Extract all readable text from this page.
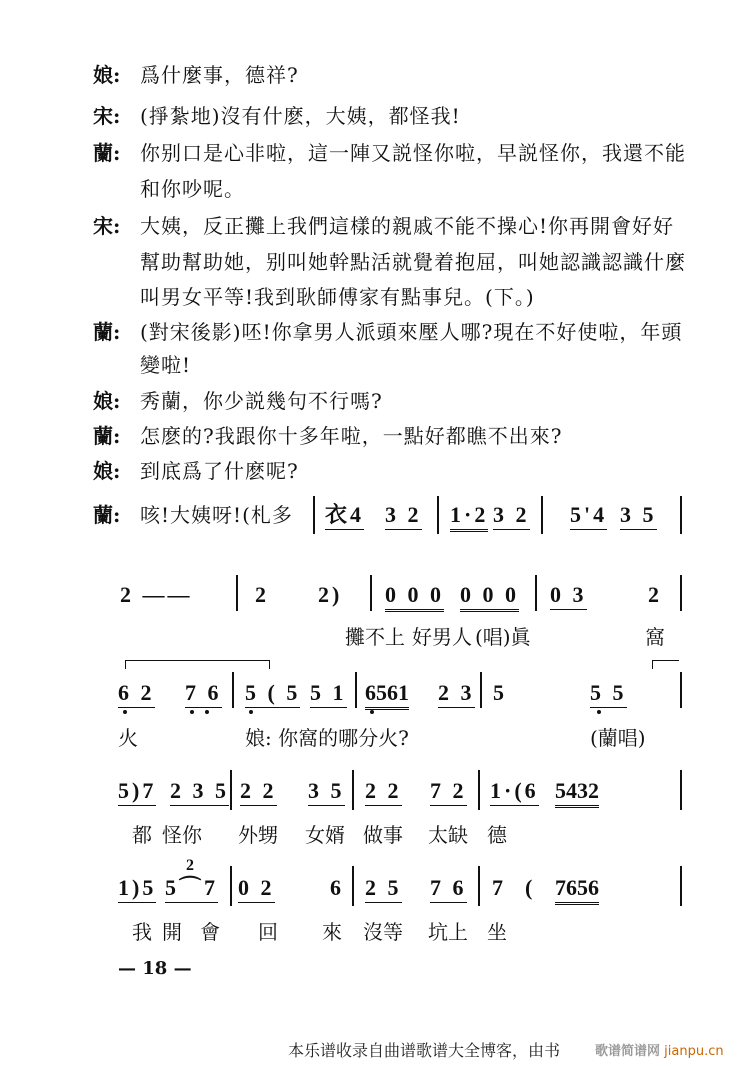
娘: 爲什麼事，德祥?
宋: (掙紮地)沒有什麽，大姨，都怪我!
蘭: 你别口是心非啦，這一陣又説怪你啦，早説怪你，我還不能
和你吵呢。
宋: 大姨，反正攤上我們這樣的親戚不能不操心!你再開會好好
幫助幫助她，别叫她幹點活就覺着抱屈，叫她認識認識什麼
叫男女平等!我到耿師傅家有點事兒。(下。)
蘭: (對宋後影)呸!你拿男人派頭來壓人哪?現在不好使啦，年頭
變啦!
娘: 秀蘭，你少説幾句不行嗎?
蘭: 怎麽的?我跟你十多年啦，一點好都瞧不出來?
娘: 到底爲了什麽呢?
蘭: 咳!大姨呀!(札多 衣4 3 2 1·2 3 2 5'4 3 5
2 ——	2 2) 0 0 0 0 0 0 0 3	2
攤不上 好男人 (唱)眞	窩
6 2 7 6 5 ( 5 5 1 6561 2 3 5	5 5
火	娘: 你窩的哪分火?	(蘭唱)
5)7 2 3 5 2 2 3 5 2 2 7 2 1·(6 5432
都 怪你 外甥 女婿 做事 太缺 德
2
1)5 5⌒7 0 2	6 2 5 7 6 7 ( 7656
我 開 會 回 來 沒等 坑上 坐
— 18 —
本乐谱收录自曲谱歌谱大全博客，由书	歌谱简谱网 jianpu.cn
